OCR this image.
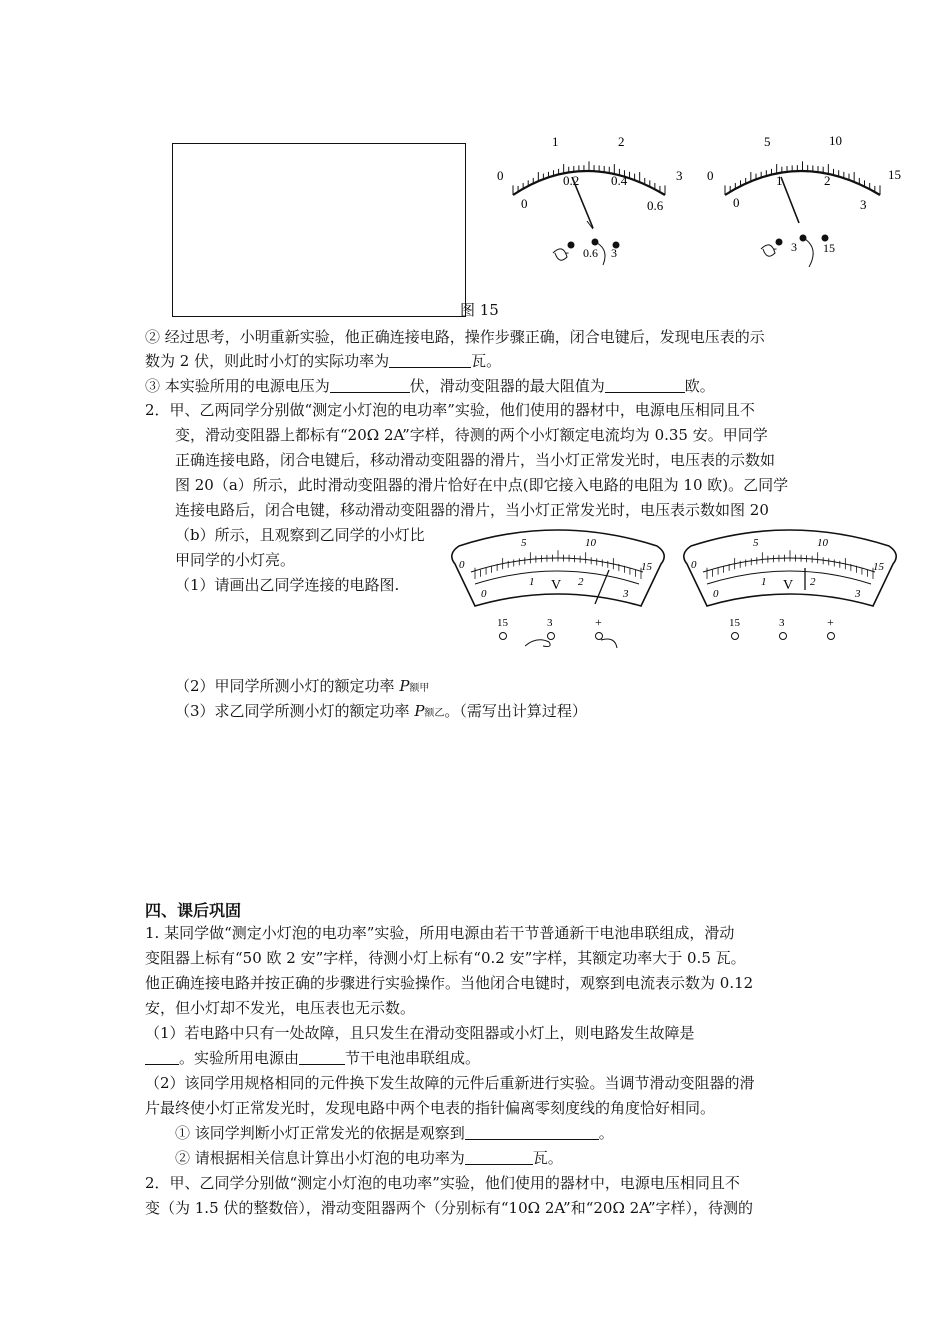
图 15
0
1	2
3
0
0.2 0.4
0.6
- 0.6 3
0
5	10
15
0
1	2
3
- 3 15
② 经过思考，小明重新实验，他正确连接电路，操作步骤正确，闭合电键后，发现电压表的示
数为 2 伏，则此时小灯的实际功率为	瓦。
③ 本实验所用的电源电压为	伏，滑动变阻器的最大阻值为	欧。
2．甲、乙两同学分别做“测定小灯泡的电功率”实验，他们使用的器材中，电源电压相同且不
变，滑动变阻器上都标有“20Ω 2A”字样，待测的两个小灯额定电流均为 0.35 安。甲同学
正确连接电路，闭合电键后，移动滑动变阻器的滑片，当小灯正常发光时，电压表的示数如
图 20（a）所示，此时滑动变阻器的滑片恰好在中点(即它接入电路的电阻为 10 欧)。乙同学
连接电路后，闭合电键，移动滑动变阻器的滑片，当小灯正常发光时，电压表示数如图 20
（b）所示，且观察到乙同学的小灯比
甲同学的小灯亮。
（1）请画出乙同学连接的电路图.
0
5	10
15
0
1	2
3
V
15	3	+
0
5	10
15
0
1	2
3
V
15	3	+
（2）甲同学所测小灯的额定功率 P额甲
（3）求乙同学所测小灯的额定功率 P额乙。（需写出计算过程）
四、课后巩固
1. 某同学做“测定小灯泡的电功率”实验，所用电源由若干节普通新干电池串联组成，滑动
变阻器上标有“50 欧 2 安”字样，待测小灯上标有“0.2 安”字样，其额定功率大于 0.5 瓦。
他正确连接电路并按正确的步骤进行实验操作。当他闭合电键时，观察到电流表示数为 0.12
安，但小灯却不发光，电压表也无示数。
（1）若电路中只有一处故障，且只发生在滑动变阻器或小灯上，则电路发生故障是
。实验所用电源由	节干电池串联组成。
（2）该同学用规格相同的元件换下发生故障的元件后重新进行实验。当调节滑动变阻器的滑
片最终使小灯正常发光时，发现电路中两个电表的指针偏离零刻度线的角度恰好相同。
① 该同学判断小灯正常发光的依据是观察到	。
② 请根据相关信息计算出小灯泡的电功率为	瓦。
2．甲、乙同学分别做“测定小灯泡的电功率”实验，他们使用的器材中，电源电压相同且不
变（为 1.5 伏的整数倍），滑动变阻器两个（分别标有“10Ω 2A”和“20Ω 2A”字样），待测的
